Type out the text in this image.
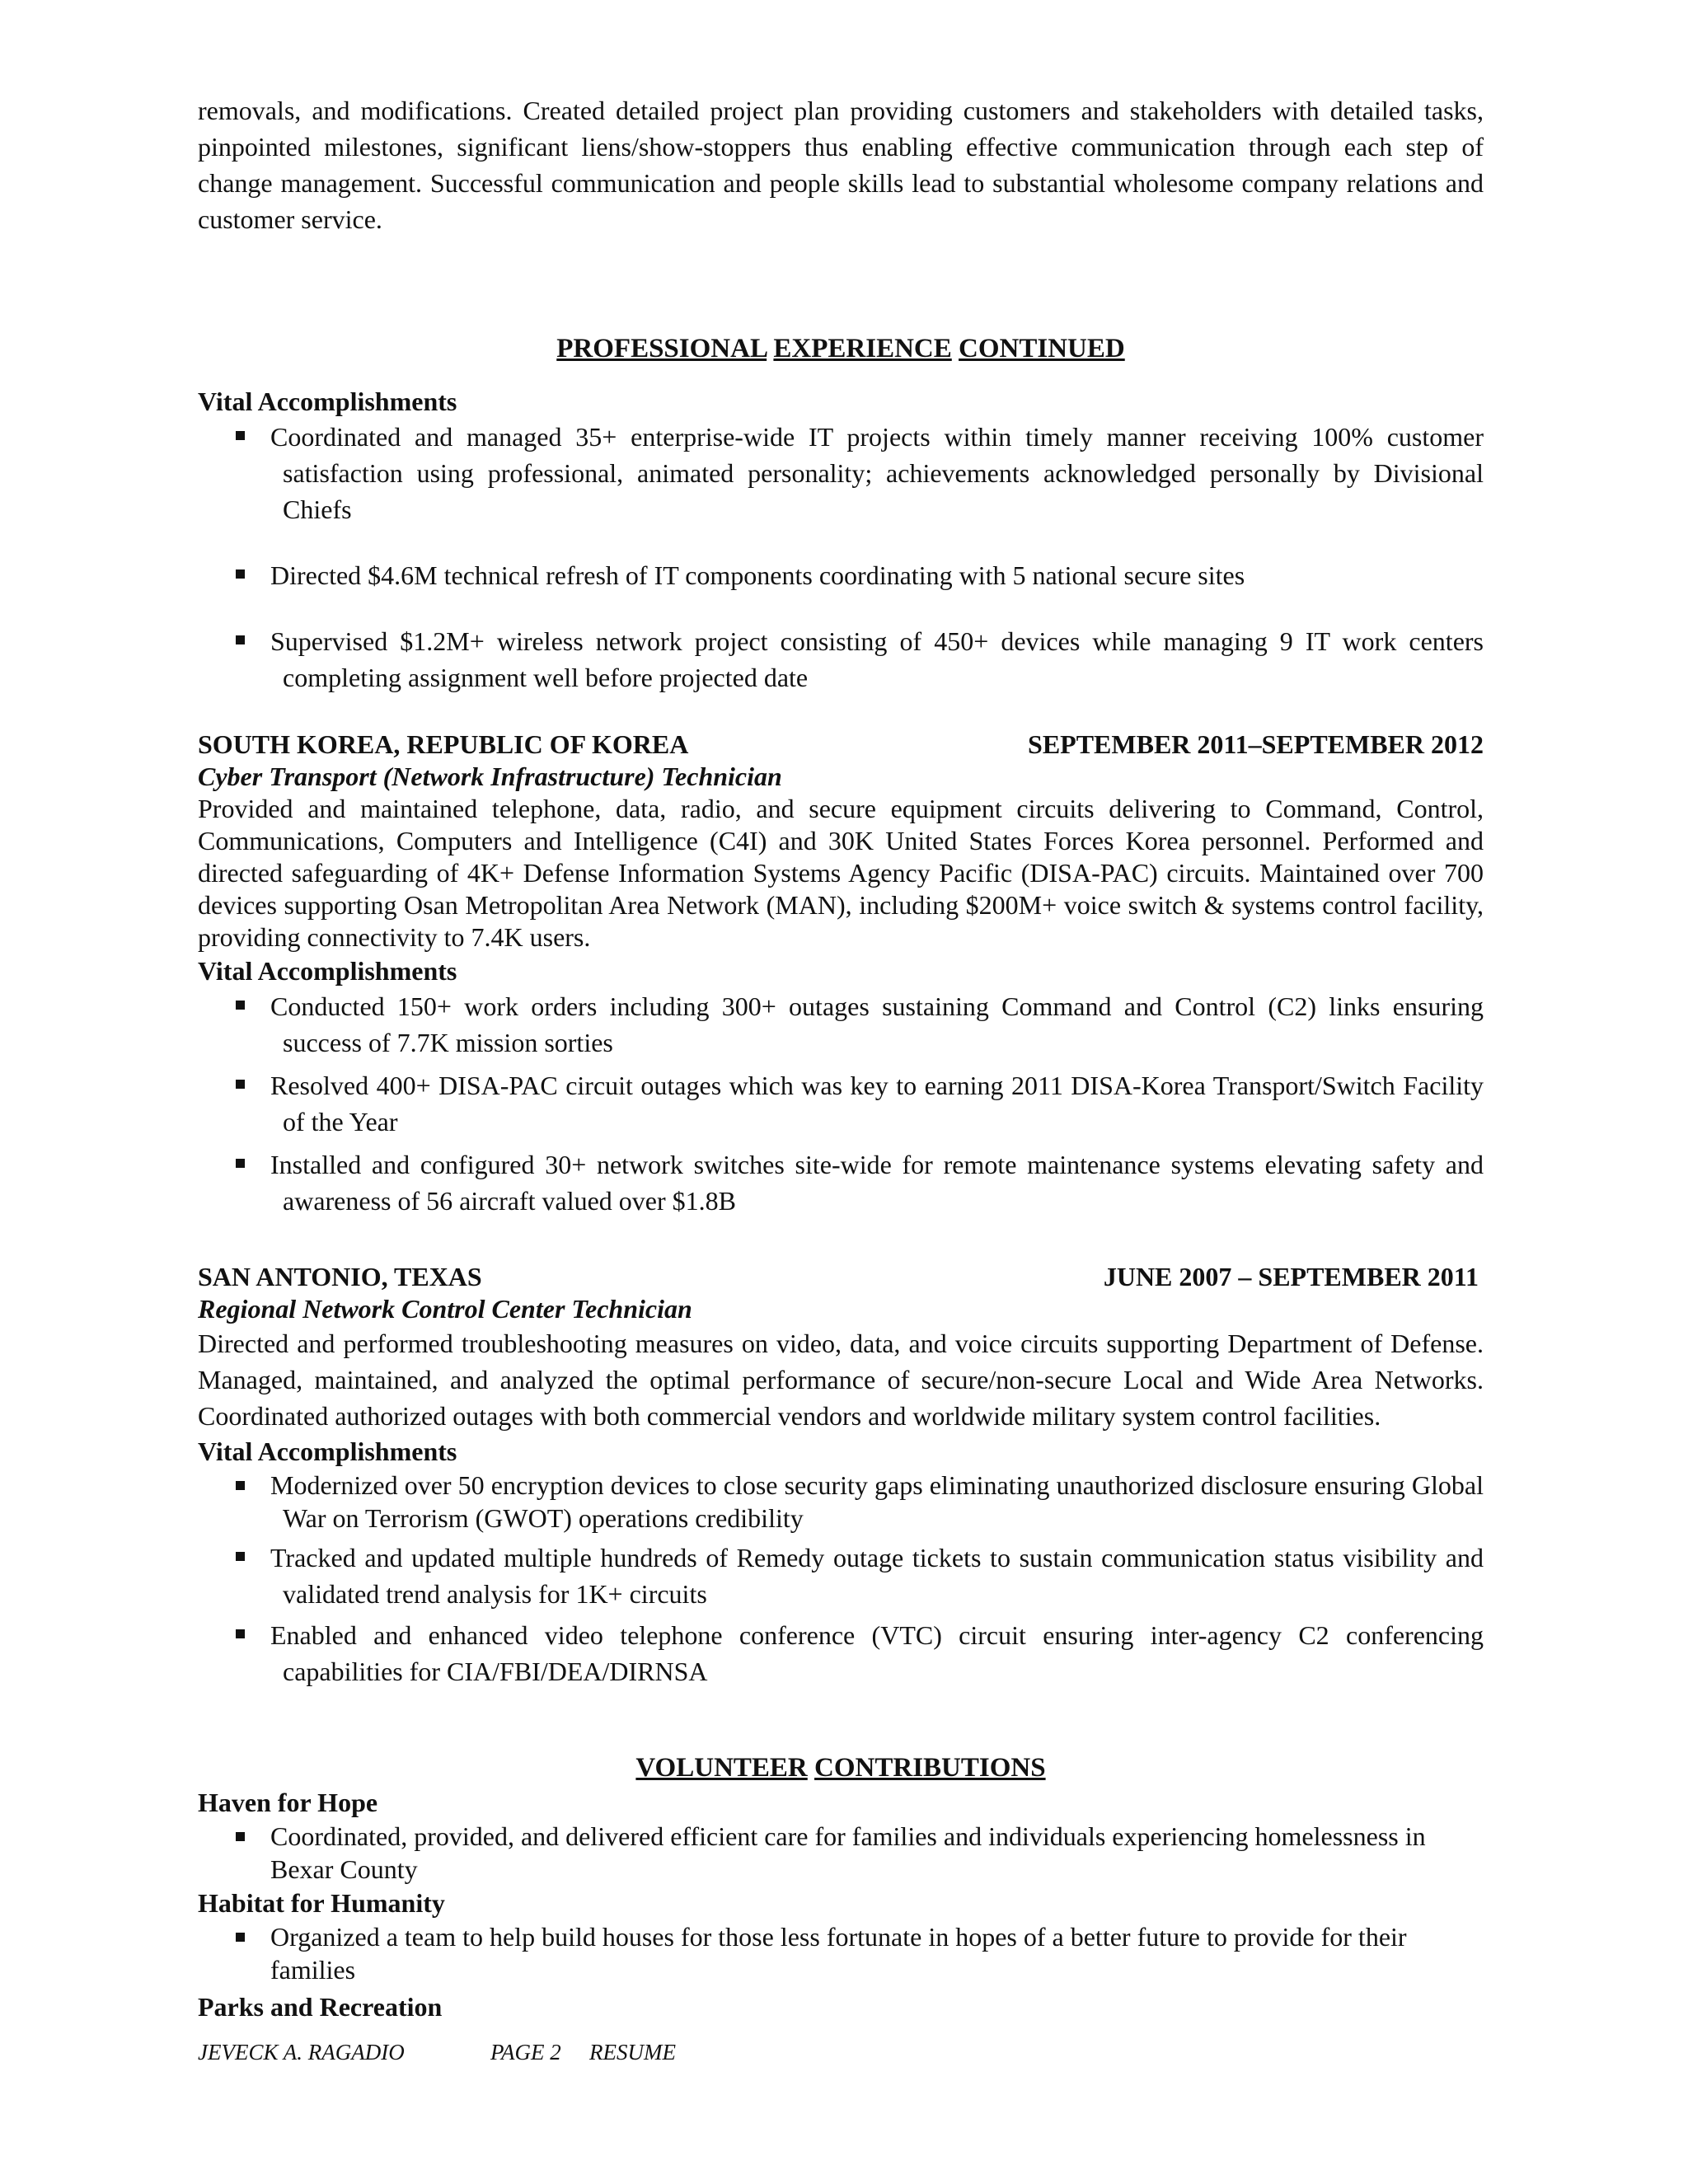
removals, and modifications. Created detailed project plan providing customers and stakeholders with detailed tasks, pinpointed milestones, significant liens/show-stoppers thus enabling effective communication through each step of change management. Successful communication and people skills lead to substantial wholesome company relations and customer service.

PROFESSIONAL EXPERIENCE CONTINUED
Vital Accomplishments
Coordinated and managed 35+ enterprise-wide IT projects within timely manner receiving 100% customer satisfaction using professional, animated personality; achievements acknowledged personally by Divisional Chiefs
Directed $4.6M technical refresh of IT components coordinating with 5 national secure sites
Supervised $1.2M+ wireless network project consisting of 450+ devices while managing 9 IT work centers completing assignment well before projected date
SOUTH KOREA, REPUBLIC OF KOREA	SEPTEMBER 2011–SEPTEMBER 2012
Cyber Transport (Network Infrastructure) Technician

Provided and maintained telephone, data, radio, and secure equipment circuits delivering to Command, Control, Communications, Computers and Intelligence (C4I) and 30K United States Forces Korea personnel. Performed and directed safeguarding of 4K+ Defense Information Systems Agency Pacific (DISA-PAC) circuits. Maintained over 700 devices supporting Osan Metropolitan Area Network (MAN), including $200M+ voice switch & systems control facility, providing connectivity to 7.4K users.

Vital Accomplishments
Conducted 150+ work orders including 300+ outages sustaining Command and Control (C2) links ensuring success of 7.7K mission sorties
Resolved 400+ DISA-PAC circuit outages which was key to earning 2011 DISA-Korea Transport/Switch Facility of the Year
Installed and configured 30+ network switches site-wide for remote maintenance systems elevating safety and awareness of 56 aircraft valued over $1.8B
SAN ANTONIO, TEXAS	JUNE 2007 – SEPTEMBER 2011
Regional Network Control Center Technician

Directed and performed troubleshooting measures on video, data, and voice circuits supporting Department of Defense. Managed, maintained, and analyzed the optimal performance of secure/non-secure Local and Wide Area Networks. Coordinated authorized outages with both commercial vendors and worldwide military system control facilities.

Vital Accomplishments
Modernized over 50 encryption devices to close security gaps eliminating unauthorized disclosure ensuring Global War on Terrorism (GWOT) operations credibility
Tracked and updated multiple hundreds of Remedy outage tickets to sustain communication status visibility and validated trend analysis for 1K+ circuits
Enabled and enhanced video telephone conference (VTC) circuit ensuring inter-agency C2 conferencing capabilities for CIA/FBI/DEA/DIRNSA
VOLUNTEER CONTRIBUTIONS
Haven for Hope
Coordinated, provided, and delivered efficient care for families and individuals experiencing homelessness in Bexar County
Habitat for Humanity
Organized a team to help build houses for those less fortunate in hopes of a better future to provide for their families
Parks and Recreation
JEVECK A. RAGADIO	PAGE 2 RESUME
